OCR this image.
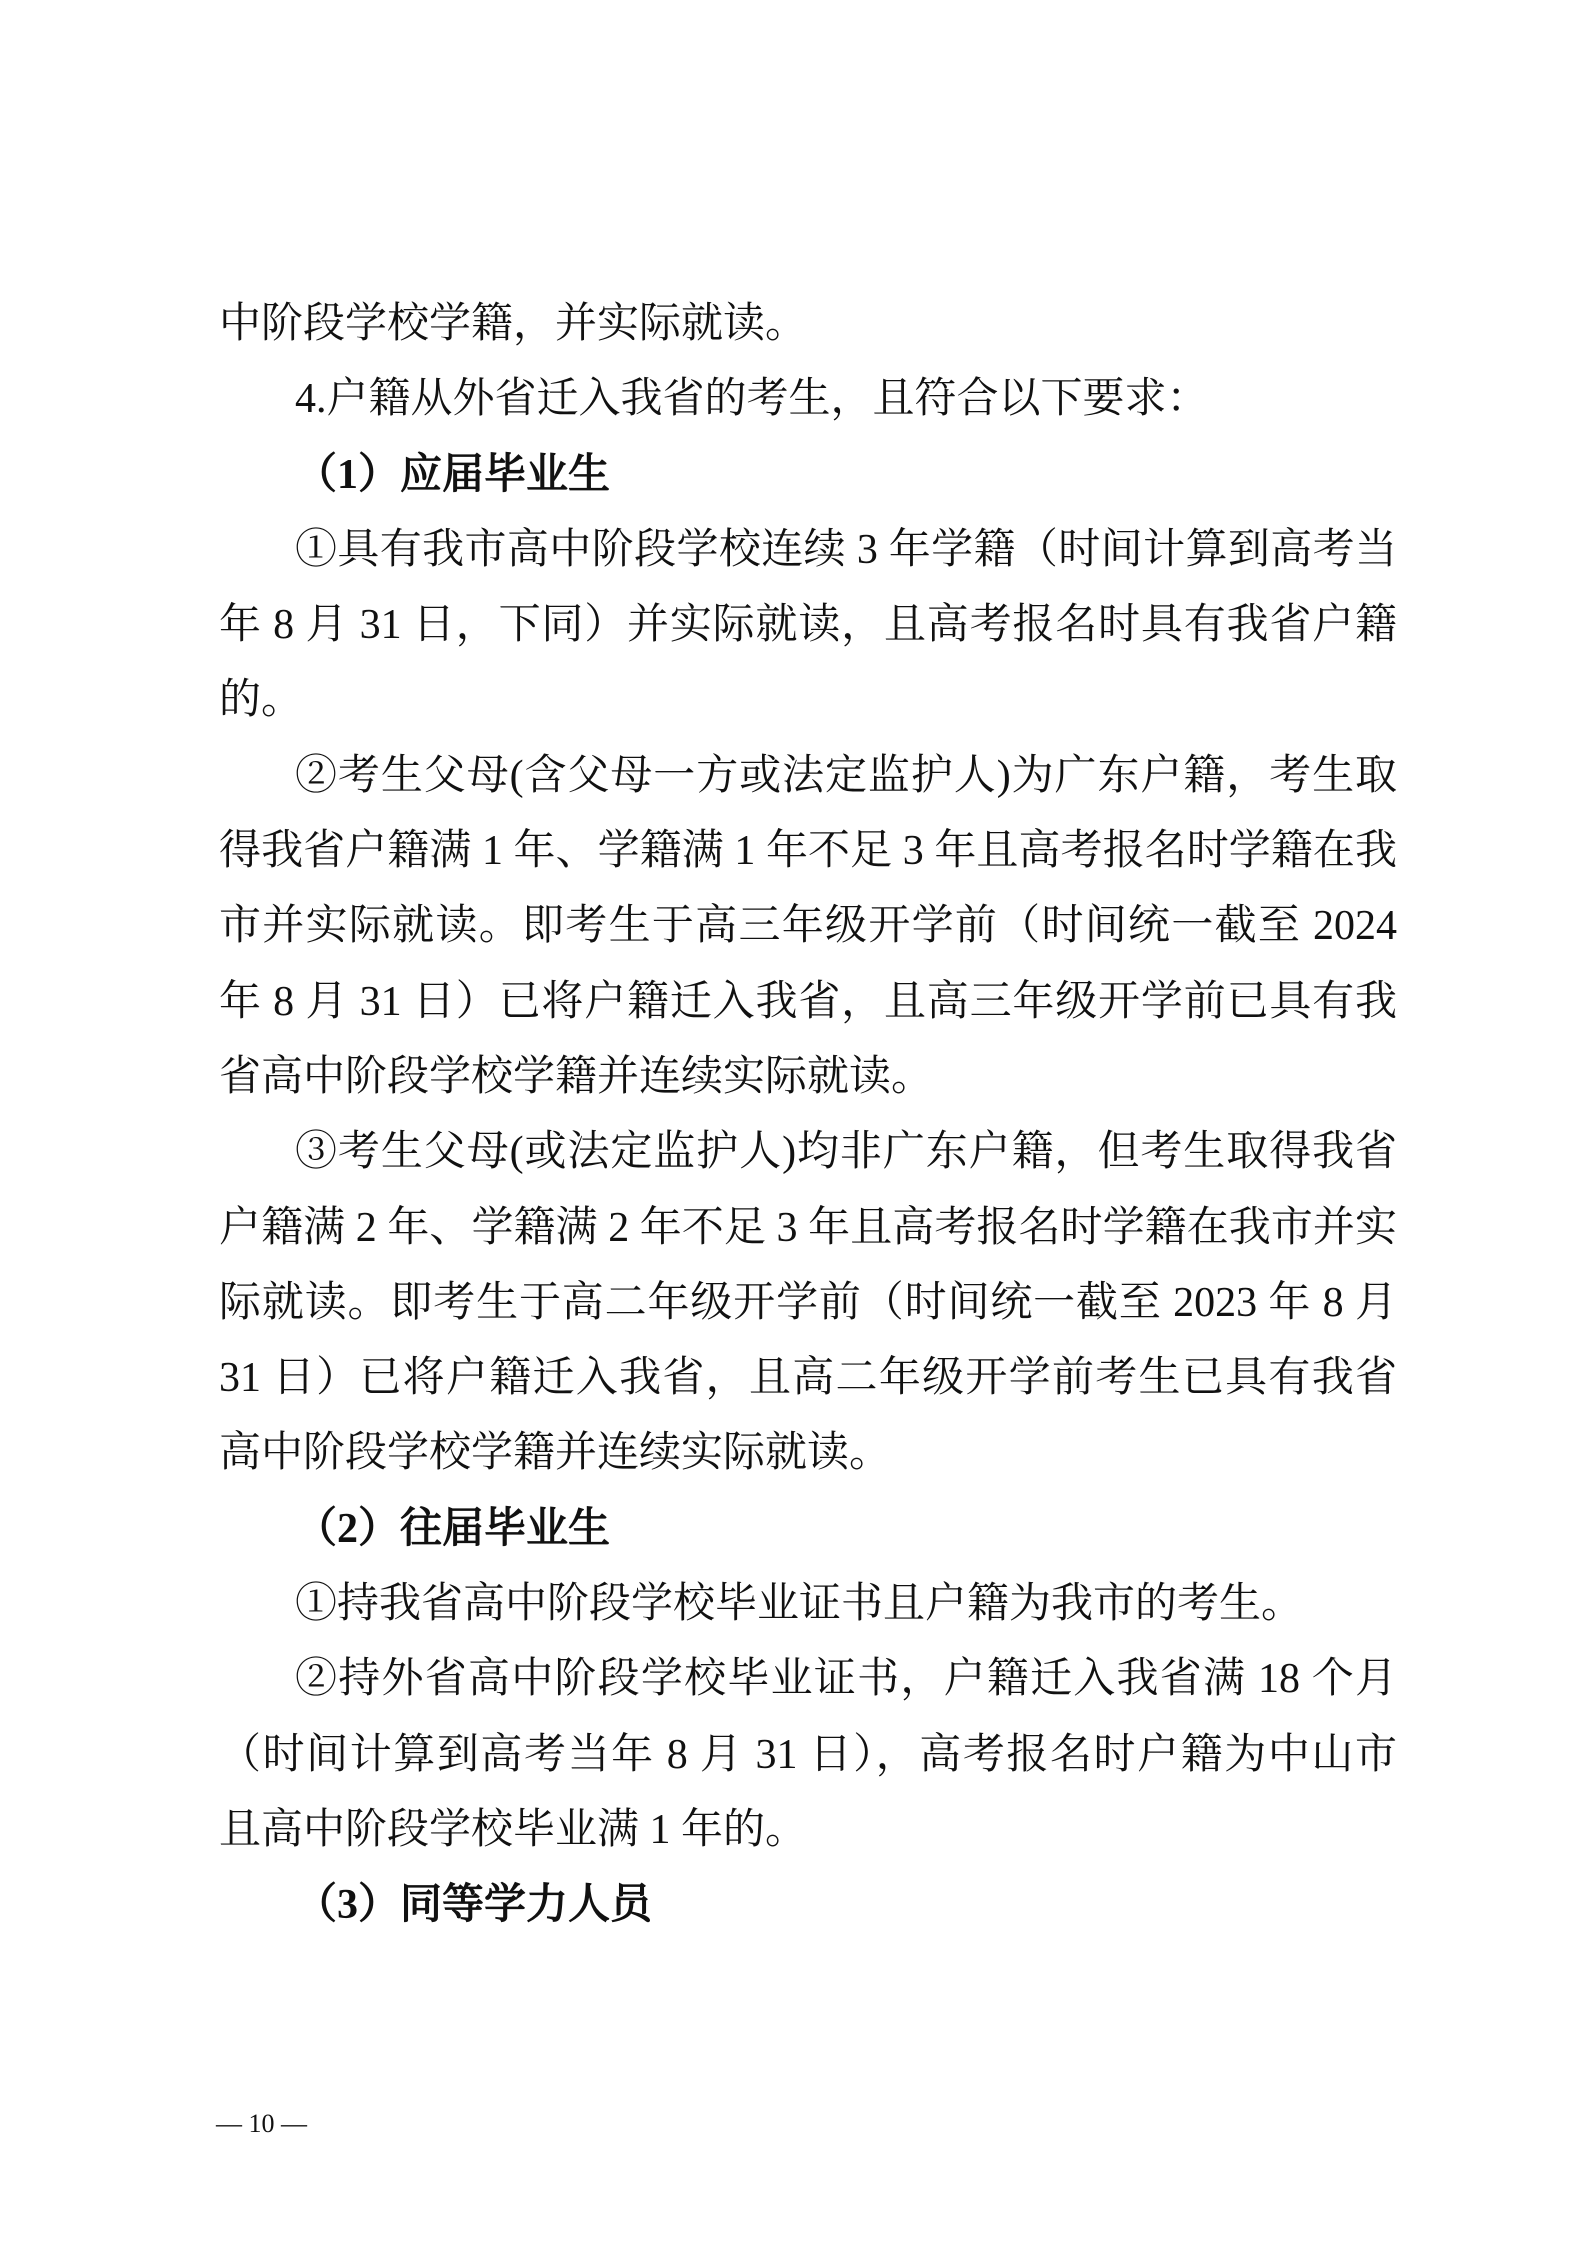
中阶段学校学籍，并实际就读。
4.户籍从外省迁入我省的考生，且符合以下要求：
（1）应届毕业生
①具有我市高中阶段学校连续 3 年学籍（时间计算到高考当
年 8 月 31 日，下同）并实际就读，且高考报名时具有我省户籍
的。
②考生父母(含父母一方或法定监护人)为广东户籍，考生取
得我省户籍满 1 年、学籍满 1 年不足 3 年且高考报名时学籍在我
市并实际就读。即考生于高三年级开学前（时间统一截至 2024
年 8 月 31 日）已将户籍迁入我省，且高三年级开学前已具有我
省高中阶段学校学籍并连续实际就读。
③考生父母(或法定监护人)均非广东户籍，但考生取得我省
户籍满 2 年、学籍满 2 年不足 3 年且高考报名时学籍在我市并实
际就读。即考生于高二年级开学前（时间统一截至 2023 年 8 月
31 日）已将户籍迁入我省，且高二年级开学前考生已具有我省
高中阶段学校学籍并连续实际就读。
（2）往届毕业生
①持我省高中阶段学校毕业证书且户籍为我市的考生。
②持外省高中阶段学校毕业证书，户籍迁入我省满 18 个月
（时间计算到高考当年 8 月 31 日），高考报名时户籍为中山市
且高中阶段学校毕业满 1 年的。
（3）同等学力人员
— 10 —
